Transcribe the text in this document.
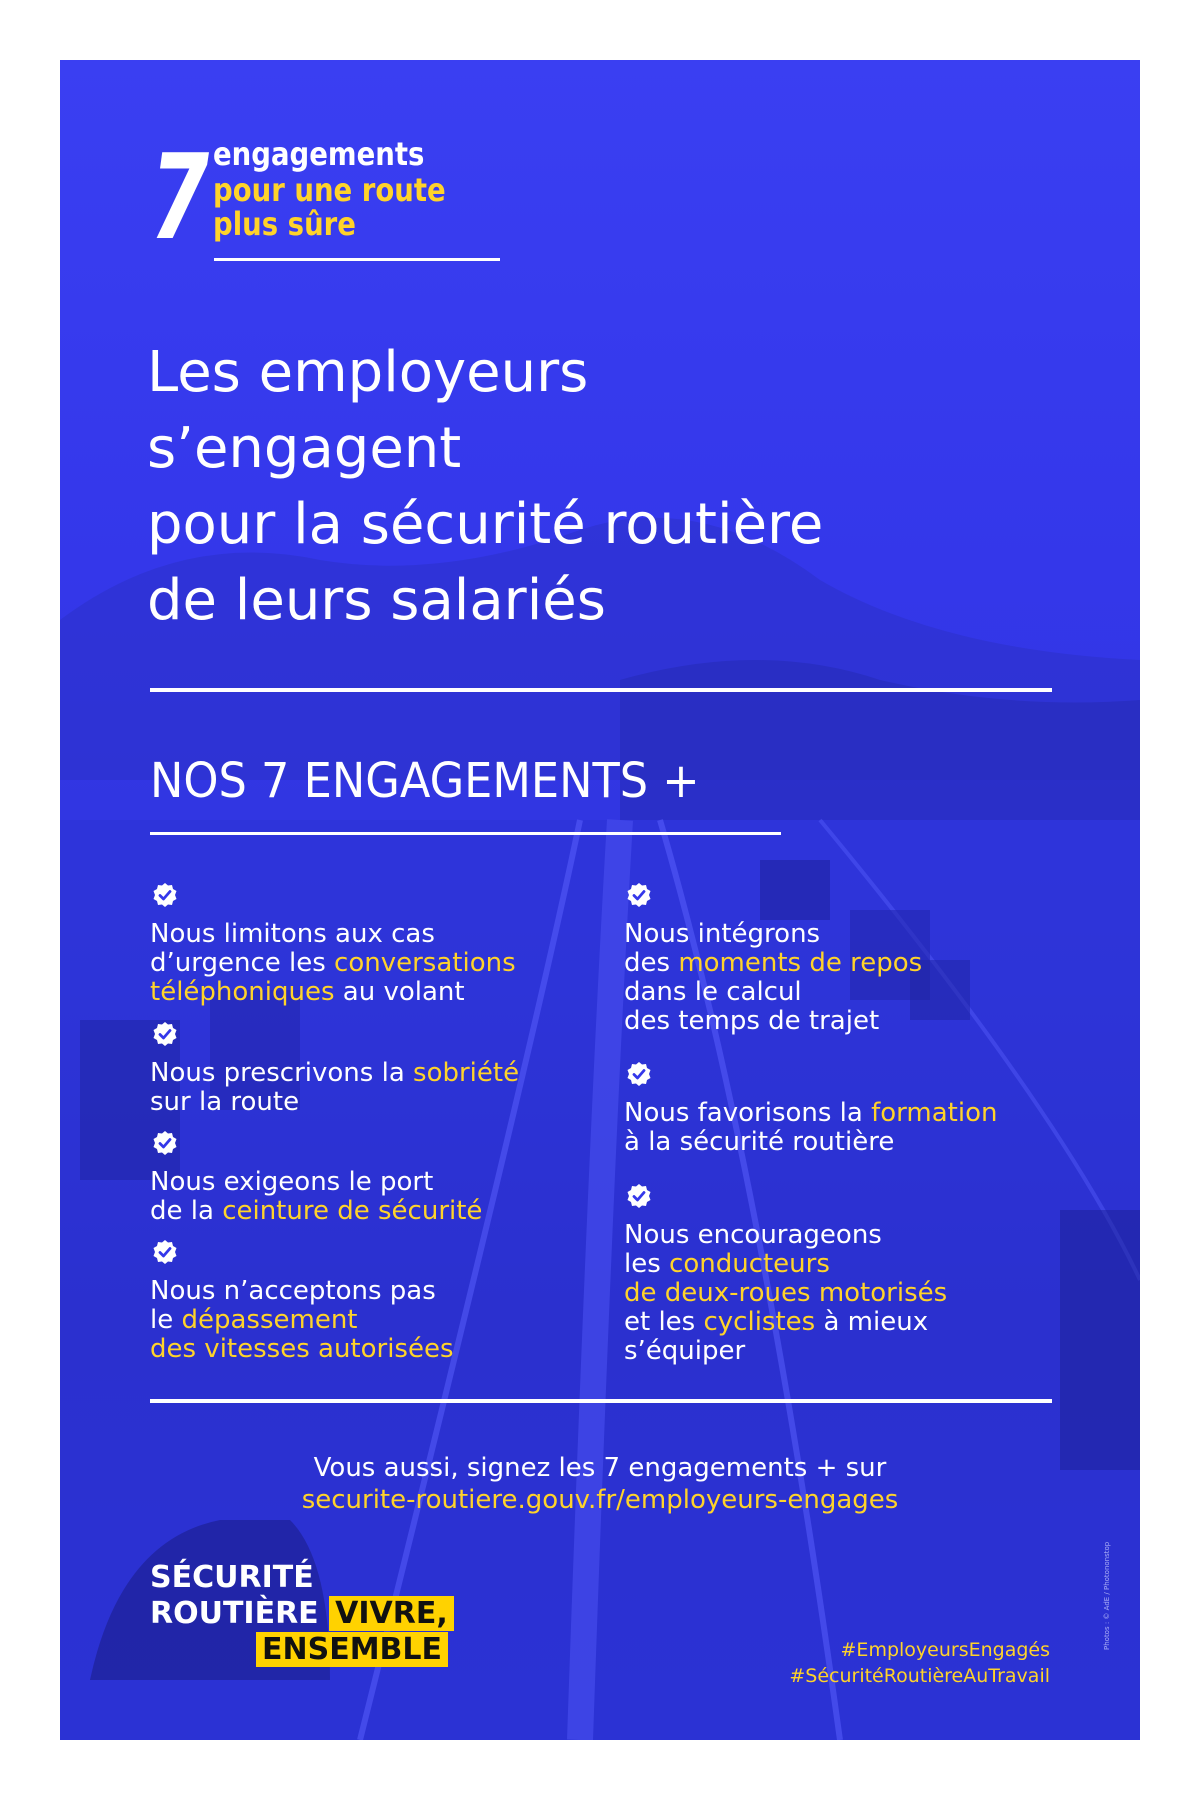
7 engagements
pour une route
plus sûre
Les employeurs
s’engagent
pour la sécurité routière
de leurs salariés
NOS 7 ENGAGEMENTS +
Nous limitons aux cas
d’urgence les conversations
téléphoniques au volant
Nous prescrivons la sobriété
sur la route
Nous exigeons le port
de la ceinture de sécurité
Nous n’acceptons pas
le dépassement
des vitesses autorisées
Nous intégrons
des moments de repos
dans le calcul
des temps de trajet
Nous favorisons la formation
à la sécurité routière
Nous encourageons
les conducteurs
de deux-roues motorisés
et les cyclistes à mieux
s’équiper
Vous aussi, signez les 7 engagements + sur
securite-routiere.gouv.fr/employeurs-engages
SÉCURITÉ
ROUTIÈRE VIVRE,
ENSEMBLE	#EmployeursEngagés
#SécuritéRoutièreAuTravail
Photos : © AdE / Photononstop
